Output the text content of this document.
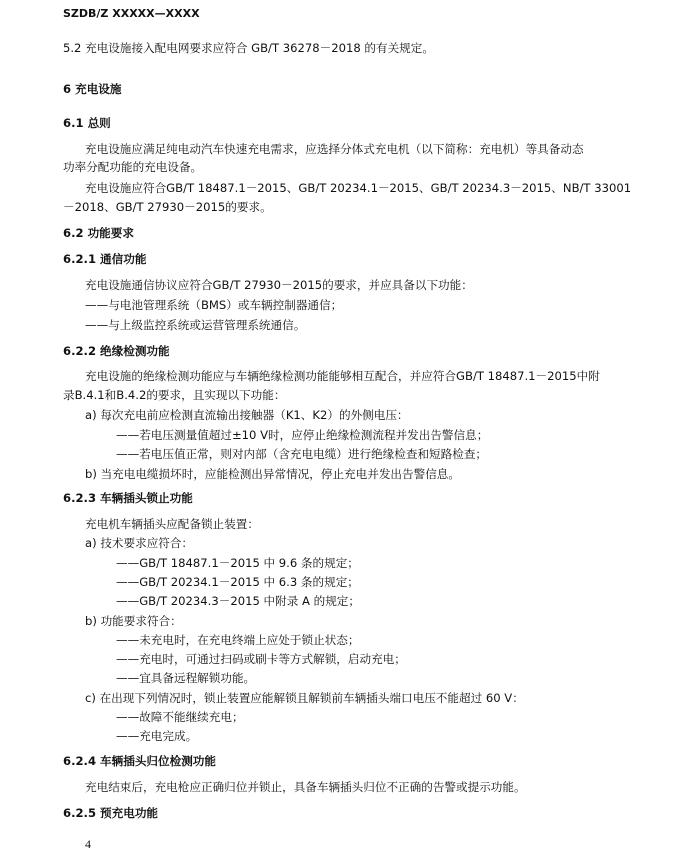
SZDB/Z XXXXX—XXXX
5.2 充电设施接入配电网要求应符合 GB/T 36278－2018 的有关规定。
6 充电设施
6.1 总则
充电设施应满足纯电动汽车快速充电需求，应选择分体式充电机（以下简称：充电机）等具备动态
功率分配功能的充电设备。
充电设施应符合GB/T 18487.1－2015、GB/T 20234.1－2015、GB/T 20234.3－2015、NB/T 33001
－2018、GB/T 27930－2015的要求。
6.2 功能要求
6.2.1 通信功能
充电设施通信协议应符合GB/T 27930－2015的要求，并应具备以下功能：
——与电池管理系统（BMS）或车辆控制器通信；
——与上级监控系统或运营管理系统通信。
6.2.2 绝缘检测功能
充电设施的绝缘检测功能应与车辆绝缘检测功能能够相互配合，并应符合GB/T 18487.1－2015中附
录B.4.1和B.4.2的要求，且实现以下功能：
a) 每次充电前应检测直流输出接触器（K1、K2）的外侧电压：
——若电压测量值超过±10 V时，应停止绝缘检测流程并发出告警信息；
——若电压值正常，则对内部（含充电电缆）进行绝缘检查和短路检查；
b) 当充电电缆损坏时，应能检测出异常情况，停止充电并发出告警信息。
6.2.3 车辆插头锁止功能
充电机车辆插头应配备锁止装置：
a) 技术要求应符合：
——GB/T 18487.1－2015 中 9.6 条的规定；
——GB/T 20234.1－2015 中 6.3 条的规定；
——GB/T 20234.3－2015 中附录 A 的规定；
b) 功能要求符合：
——未充电时，在充电终端上应处于锁止状态；
——充电时，可通过扫码或刷卡等方式解锁，启动充电；
——宜具备远程解锁功能。
c) 在出现下列情况时，锁止装置应能解锁且解锁前车辆插头端口电压不能超过 60 V：
——故障不能继续充电；
——充电完成。
6.2.4 车辆插头归位检测功能
充电结束后，充电枪应正确归位并锁止，具备车辆插头归位不正确的告警或提示功能。
6.2.5 预充电功能
4
